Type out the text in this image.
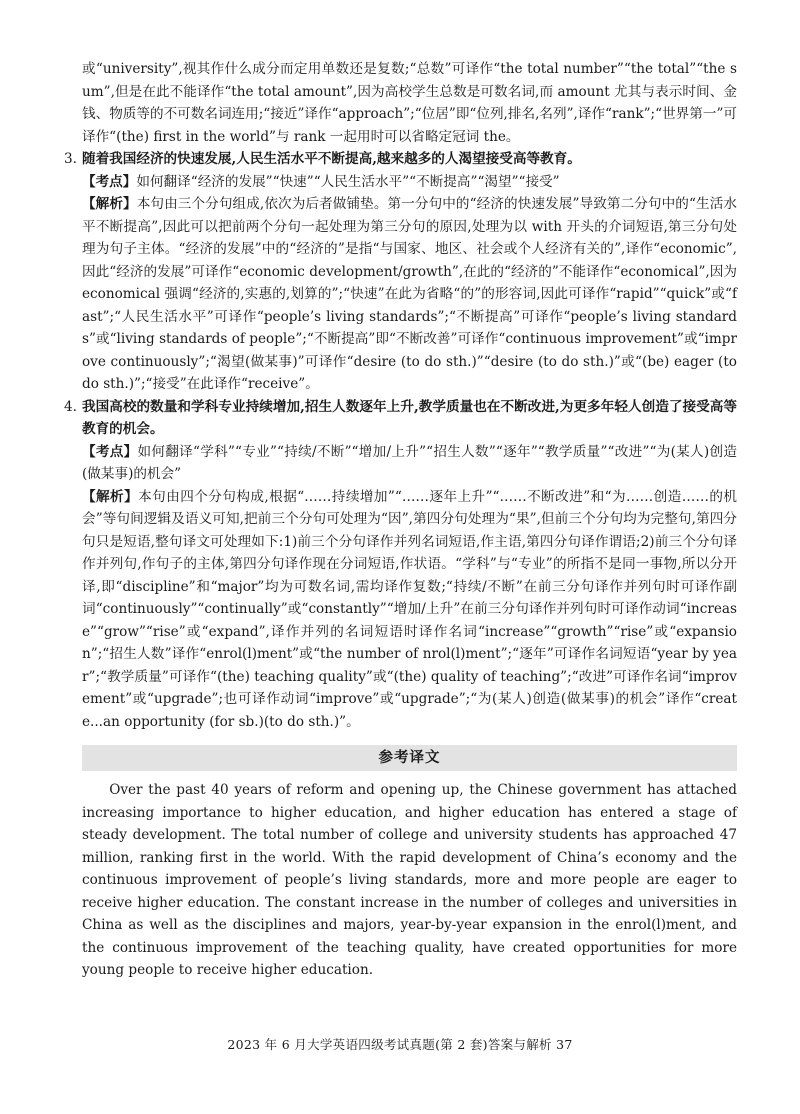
或“university”,视其作什么成分而定用单数还是复数;“总数”可译作“the total number”“the total”“the sum”,但是在此不能译作“the total amount”,因为高校学生总数是可数名词,而 amount 尤其与表示时间、金钱、物质等的不可数名词连用;“接近”译作“approach”;“位居”即“位列,排名,名列”,译作“rank”;“世界第一”可译作“(the) first in the world”与 rank 一起用时可以省略定冠词 the。

3. 随着我国经济的快速发展,人民生活水平不断提高,越来越多的人渴望接受高等教育。

【考点】如何翻译“经济的发展”“快速”“人民生活水平”“不断提高”“渴望”“接受”

【解析】本句由三个分句组成,依次为后者做铺垫。第一分句中的“经济的快速发展”导致第二分句中的“生活水平不断提高”,因此可以把前两个分句一起处理为第三分句的原因,处理为以 with 开头的介词短语,第三分句处理为句子主体。“经济的发展”中的“经济的”是指“与国家、地区、社会或个人经济有关的”,译作“economic”,因此“经济的发展”可译作“economic development/growth”,在此的“经济的”不能译作“economical”,因为 economical 强调“经济的,实惠的,划算的”;“快速”在此为省略“的”的形容词,因此可译作“rapid”“quick”或“fast”;“人民生活水平”可译作“people’s living standards”;“不断提高”可译作“people’s living standards”或“living standards of people”;“不断提高”即“不断改善”可译作“continuous improvement”或“improve continuously”;“渴望(做某事)”可译作“desire (to do sth.)”“desire (to do sth.)”或“(be) eager (to do sth.)”;“接受”在此译作“receive”。

4. 我国高校的数量和学科专业持续增加,招生人数逐年上升,教学质量也在不断改进,为更多年轻人创造了接受高等教育的机会。

【考点】如何翻译“学科”“专业”“持续/不断”“增加/上升”“招生人数”“逐年”“教学质量”“改进”“为(某人)创造(做某事)的机会”

【解析】本句由四个分句构成,根据“……持续增加”“……逐年上升”“……不断改进”和“为……创造……的机会”等句间逻辑及语义可知,把前三个分句可处理为“因”,第四分句处理为“果”,但前三个分句均为完整句,第四分句只是短语,整句译文可处理如下:1)前三个分句译作并列名词短语,作主语,第四分句译作谓语;2)前三个分句译作并列句,作句子的主体,第四分句译作现在分词短语,作状语。“学科”与“专业”的所指不是同一事物,所以分开译,即“discipline”和“major”均为可数名词,需均译作复数;“持续/不断”在前三分句译作并列句时可译作副词“continuously”“continually”或“constantly”“增加/上升”在前三分句译作并列句时可译作动词“increase”“grow”“rise”或“expand”,译作并列的名词短语时译作名词“increase”“growth”“rise”或“expansion”;“招生人数”译作“enrol(l)ment”或“the number of nrol(l)ment”;“逐年”可译作名词短语“year by year”;“教学质量”可译作“(the) teaching quality”或“(the) quality of teaching”;“改进”可译作名词“improvement”或“upgrade”;也可译作动词“improve”或“upgrade”;“为(某人)创造(做某事)的机会”译作“create...an opportunity (for sb.)(to do sth.)”。

参考译文

Over the past 40 years of reform and opening up, the Chinese government has attached increasing importance to higher education, and higher education has entered a stage of steady development. The total number of college and university students has approached 47 million, ranking first in the world. With the rapid development of China’s economy and the continuous improvement of people’s living standards, more and more people are eager to receive higher education. The constant increase in the number of colleges and universities in China as well as the disciplines and majors, year-by-year expansion in the enrol(l)ment, and the continuous improvement of the teaching quality, have created opportunities for more young people to receive higher education.

2023 年 6 月大学英语四级考试真题(第 2 套)答案与解析 37
